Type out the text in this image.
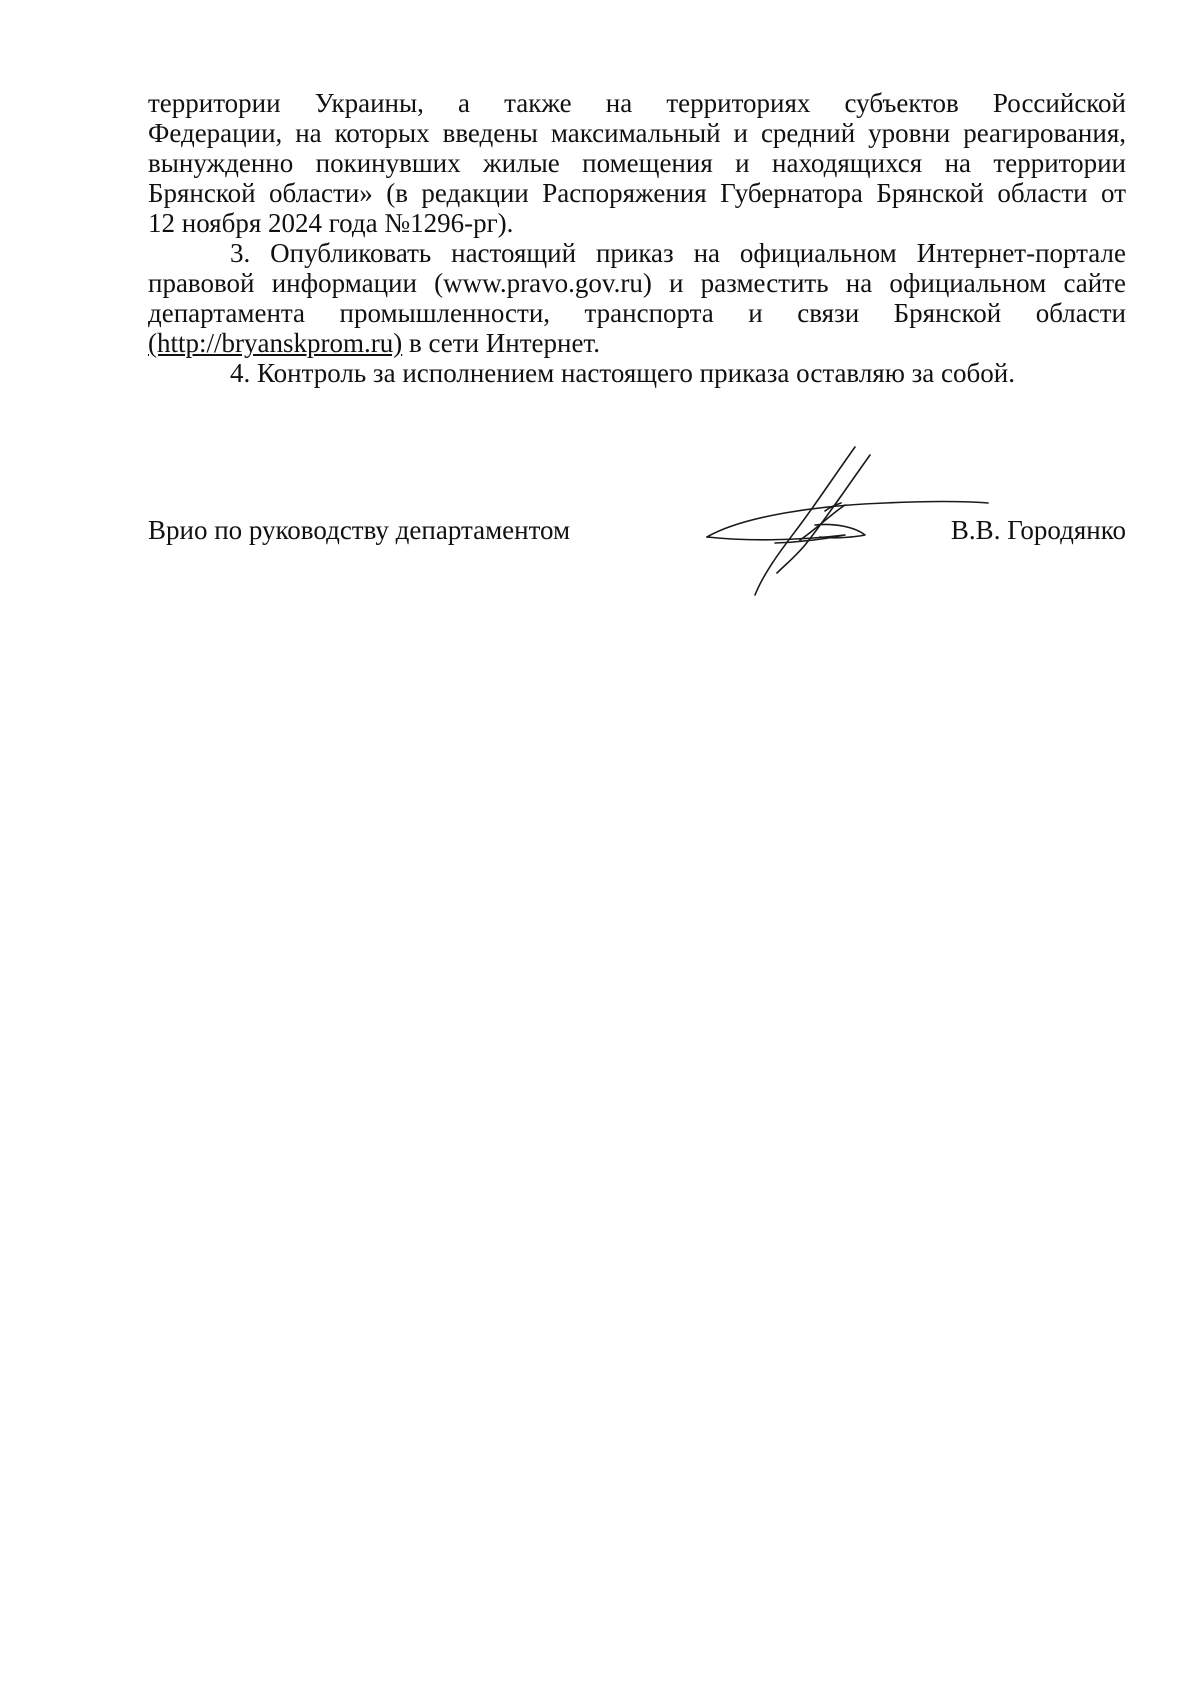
территории Украины, а также на территориях субъектов Российской
Федерации, на которых введены максимальный и средний уровни реагирования,
вынужденно покинувших жилые помещения и находящихся на территории
Брянской области» (в редакции Распоряжения Губернатора Брянской области от
12 ноября 2024 года №1296-рг).
3. Опубликовать настоящий приказ на официальном Интернет-портале
правовой информации (www.pravo.gov.ru) и разместить на официальном сайте
департамента промышленности, транспорта и связи Брянской области
(http://bryanskprom.ru) в сети Интернет.
4. Контроль за исполнением настоящего приказа оставляю за собой.
Врио по руководству департаментом	В.В. Городянко
